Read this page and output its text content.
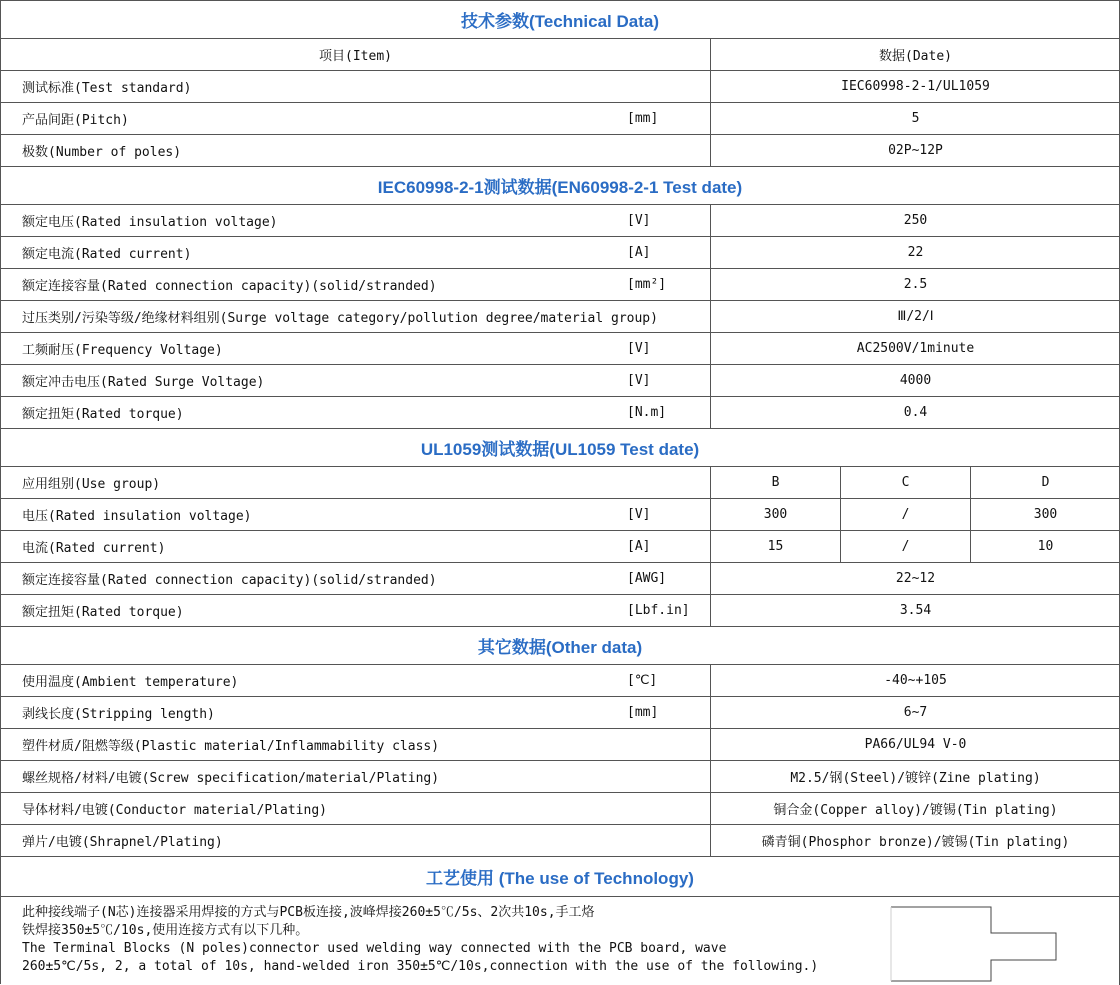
技术参数(Technical Data)
项目(Item)	数据(Date)
测试标准(Test standard)	IEC60998-2-1/UL1059
产品间距(Pitch)	[mm]	5
极数(Number of poles)	02P~12P
IEC60998-2-1测试数据(EN60998-2-1 Test date)
额定电压(Rated insulation voltage)	[V]	250
额定电流(Rated current)	[A]	22
额定连接容量(Rated connection capacity)(solid/stranded)	[mm²]	2.5
过压类别/污染等级/绝缘材料组别(Surge voltage category/pollution degree/material group)	Ⅲ/2/Ⅰ
工频耐压(Frequency Voltage)	[V]	AC2500V/1minute
额定冲击电压(Rated Surge Voltage)	[V]	4000
额定扭矩(Rated torque)	[N.m]	0.4
UL1059测试数据(UL1059 Test date)
应用组别(Use group)	B	C	D
电压(Rated insulation voltage)	[V]	300	/	300
电流(Rated current)	[A]	15	/	10
额定连接容量(Rated connection capacity)(solid/stranded)	[AWG]	22~12
额定扭矩(Rated torque)	[Lbf.in]	3.54
其它数据(Other data)
使用温度(Ambient temperature)	[℃]	-40~+105
剥线长度(Stripping length)	[mm]	6~7
塑件材质/阻燃等级(Plastic material/Inflammability class)	PA66/UL94 V-0
螺丝规格/材料/电镀(Screw specification/material/Plating)	M2.5/钢(Steel)/镀锌(Zine plating)
导体材料/电镀(Conductor material/Plating)	铜合金(Copper alloy)/镀锡(Tin plating)
弹片/电镀(Shrapnel/Plating)	磷青铜(Phosphor bronze)/镀锡(Tin plating)
工艺使用 (The use of Technology)
此种接线端子(N芯)连接器采用焊接的方式与PCB板连接,波峰焊接260±5℃/5s、2次共10s,手工烙
铁焊接350±5℃/10s,使用连接方式有以下几种。
The Terminal Blocks (N poles)connector used welding way connected with the PCB board, wave
260±5℃/5s, 2, a total of 10s, hand-welded iron 350±5℃/10s,connection with the use of the following.)
